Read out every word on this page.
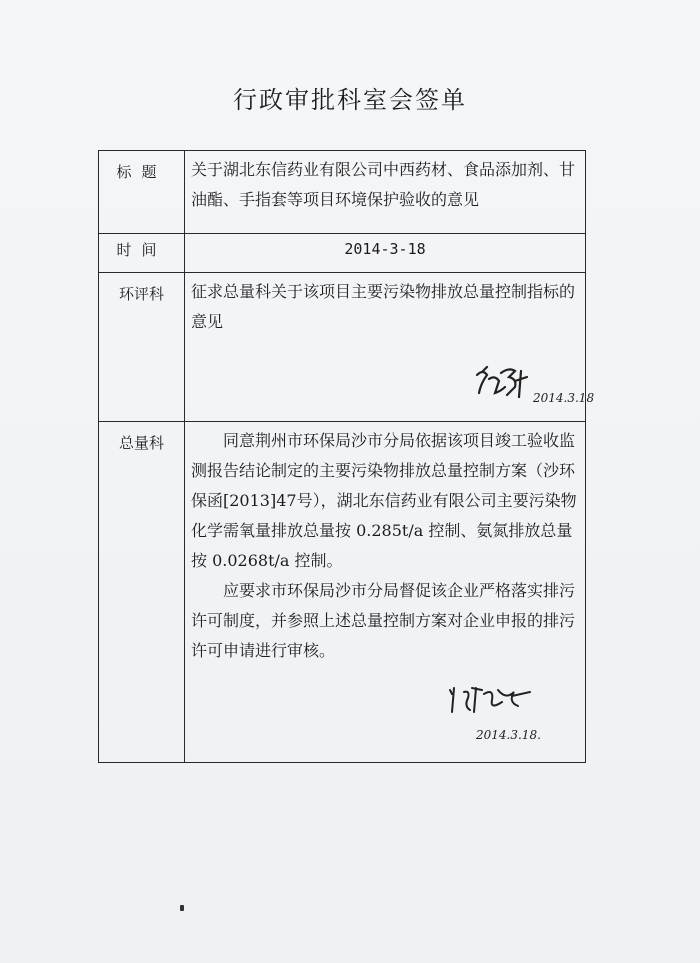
行政审批科室会签单
标题	关于湖北东信药业有限公司中西药材、食品添加剂、甘油酯、手指套等项目环境保护验收的意见

时间	2014-3-18

环评科	征求总量科关于该项目主要污染物排放总量控制指标的意见

2014.3.18

总量科	同意荆州市环保局沙市分局依据该项目竣工验收监测报告结论制定的主要污染物排放总量控制方案（沙环保函[2013]47号），湖北东信药业有限公司主要污染物化学需氧量排放总量按 0.285t/a 控制、氨氮排放总量按 0.0268t/a 控制。

应要求市环保局沙市分局督促该企业严格落实排污许可制度，并参照上述总量控制方案对企业申报的排污许可申请进行审核。

2014.3.18.
